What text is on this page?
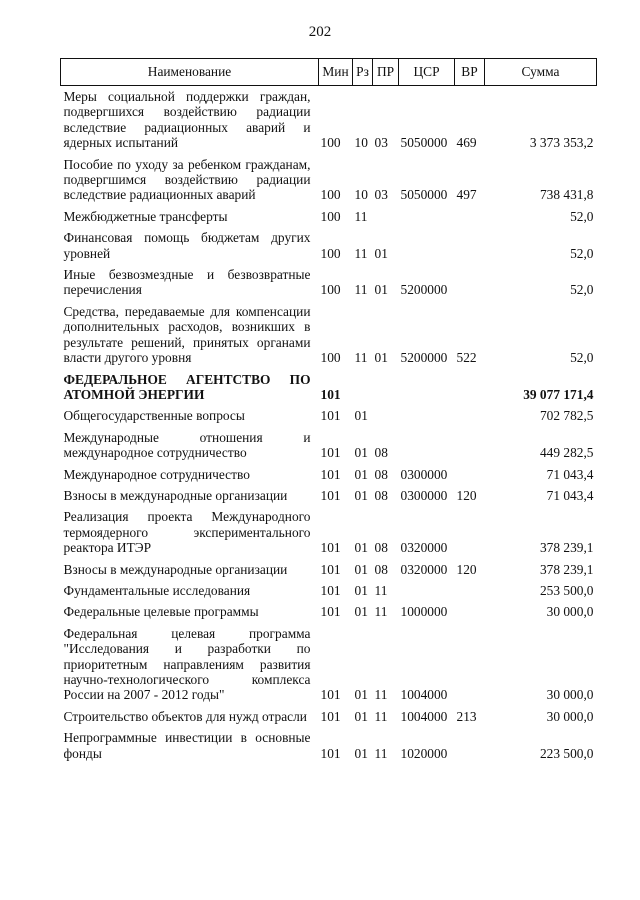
202
Наименование	Мин	Рз	ПР	ЦСР	ВР	Сумма
Меры социальной поддержки граждан, подвергшихся воздействию радиации вследствие радиационных аварий и ядерных испытаний	100	10	03	5050000	469	3 373 353,2
Пособие по уходу за ребенком гражданам, подвергшимся воздействию радиации вследствие радиационных аварий	100	10	03	5050000	497	738 431,8
Межбюджетные трансферты	100	11				52,0
Финансовая помощь бюджетам других уровней	100	11	01			52,0
Иные безвозмездные и безвозвратные перечисления	100	11	01	5200000		52,0
Средства, передаваемые для компенсации дополнительных расходов, возникших в результате решений, принятых органами власти другого уровня	100	11	01	5200000	522	52,0
ФЕДЕРАЛЬНОЕ АГЕНТСТВО ПО АТОМНОЙ ЭНЕРГИИ	101					39 077 171,4
Общегосударственные вопросы	101	01				702 782,5
Международные отношения и международное сотрудничество	101	01	08			449 282,5
Международное сотрудничество	101	01	08	0300000		71 043,4
Взносы в международные организации	101	01	08	0300000	120	71 043,4
Реализация проекта Международного термоядерного экспериментального реактора ИТЭР	101	01	08	0320000		378 239,1
Взносы в международные организации	101	01	08	0320000	120	378 239,1
Фундаментальные исследования	101	01	11			253 500,0
Федеральные целевые программы	101	01	11	1000000		30 000,0
Федеральная целевая программа "Исследования и разработки по приоритетным направлениям развития научно-технологического комплекса России на 2007 - 2012 годы"	101	01	11	1004000		30 000,0
Строительство объектов для нужд отрасли	101	01	11	1004000	213	30 000,0
Непрограммные инвестиции в основные фонды	101	01	11	1020000		223 500,0
